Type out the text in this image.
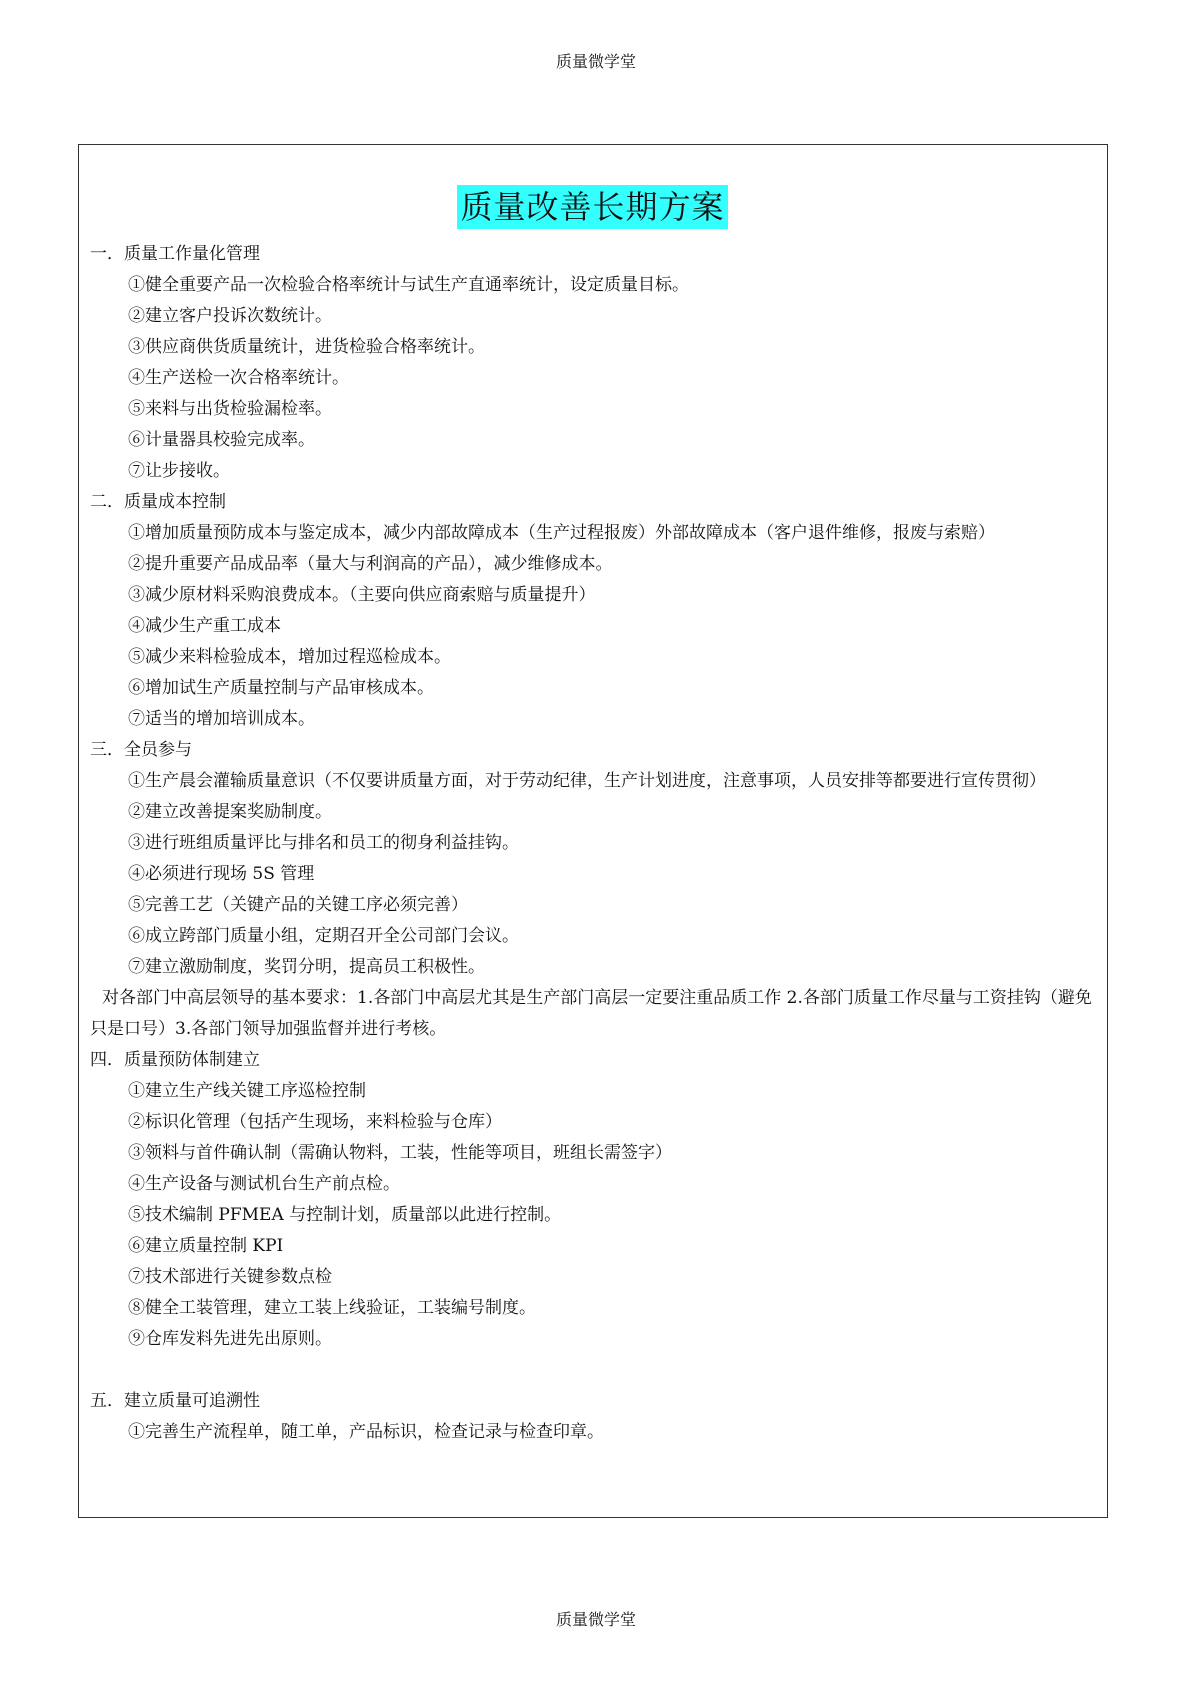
质量微学堂
质量改善长期方案
一．质量工作量化管理
①健全重要产品一次检验合格率统计与试生产直通率统计，设定质量目标。
②建立客户投诉次数统计。
③供应商供货质量统计，进货检验合格率统计。
④生产送检一次合格率统计。
⑤来料与出货检验漏检率。
⑥计量器具校验完成率。
⑦让步接收。
二．质量成本控制
①增加质量预防成本与鉴定成本，减少内部故障成本（生产过程报废）外部故障成本（客户退件维修，报废与索赔）
②提升重要产品成品率（量大与利润高的产品），减少维修成本。
③减少原材料采购浪费成本。（主要向供应商索赔与质量提升）
④减少生产重工成本
⑤减少来料检验成本，增加过程巡检成本。
⑥增加试生产质量控制与产品审核成本。
⑦适当的增加培训成本。
三．全员参与
①生产晨会灌输质量意识（不仅要讲质量方面，对于劳动纪律，生产计划进度，注意事项，人员安排等都要进行宣传贯彻）
②建立改善提案奖励制度。
③进行班组质量评比与排名和员工的彻身利益挂钩。
④必须进行现场 5S 管理
⑤完善工艺（关键产品的关键工序必须完善）
⑥成立跨部门质量小组，定期召开全公司部门会议。
⑦建立激励制度，奖罚分明，提高员工积极性。
对各部门中高层领导的基本要求：1.各部门中高层尤其是生产部门高层一定要注重品质工作 2.各部门质量工作尽量与工资挂钩（避免只是口号）3.各部门领导加强监督并进行考核。
四．质量预防体制建立
①建立生产线关键工序巡检控制
②标识化管理（包括产生现场，来料检验与仓库）
③领料与首件确认制（需确认物料，工装，性能等项目，班组长需签字）
④生产设备与测试机台生产前点检。
⑤技术编制 PFMEA 与控制计划，质量部以此进行控制。
⑥建立质量控制 KPI
⑦技术部进行关键参数点检
⑧健全工装管理，建立工装上线验证，工装编号制度。
⑨仓库发料先进先出原则。
五．建立质量可追溯性
①完善生产流程单，随工单，产品标识，检查记录与检查印章。
质量微学堂
